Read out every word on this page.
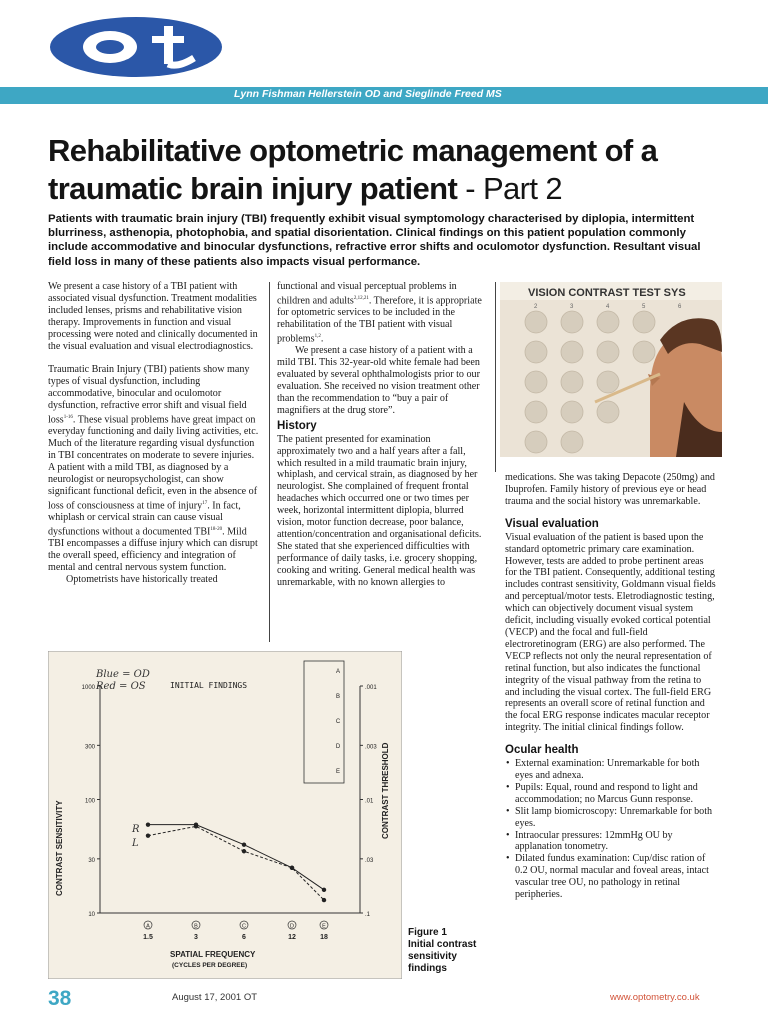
Lynn Fishman Hellerstein OD and Sieglinde Freed MS
Rehabilitative optometric management of a traumatic brain injury patient - Part 2
Patients with traumatic brain injury (TBI) frequently exhibit visual symptomology characterised by diplopia, intermittent blurriness, asthenopia, photophobia, and spatial disorientation. Clinical findings on this patient population commonly include accommodative and binocular dysfunctions, refractive error shifts and oculomotor dysfunction. Resultant visual field loss in many of these patients also impacts visual performance.

We present a case history of a TBI patient with associated visual dysfunction. Treatment modalities included lenses, prisms and rehabilitative vision therapy. Improvements in function and visual processing were noted and clinically documented in the visual evaluation and visual electrodiagnostics.

Traumatic Brain Injury (TBI) patients show many types of visual dysfunction, including accommodative, binocular and oculomotor dysfunction, refractive error shift and visual field loss$^{1-16}$. These visual problems have great impact on everyday functioning and daily living activities, etc. Much of the literature regarding visual dysfunction in TBI concentrates on moderate to severe injuries. A patient with a mild TBI, as diagnosed by a neurologist or neuropsychologist, can show significant functional deficit, even in the absence of loss of consciousness at time of injury$^{17}$. In fact, whiplash or cervical strain can cause visual dysfunctions without a documented TBI$^{18-20}$. Mild TBI encompasses a diffuse injury which can disrupt the overall speed, efficiency and integration of mental and central nervous system function.

Optometrists have historically treated

functional and visual perceptual problems in children and adults$^{2,12,21}$. Therefore, it is appropriate for optometric services to be included in the rehabilitation of the TBI patient with visual problems$^{1,2}$.

We present a case history of a patient with a mild TBI. This 32-year-old white female had been evaluated by several ophthalmologists prior to our evaluation. She received no vision treatment other than the recommendation to “buy a pair of magnifiers at the drug store”.

History

The patient presented for examination approximately two and a half years after a fall, which resulted in a mild traumatic brain injury, whiplash, and cervical strain, as diagnosed by her neurologist. She complained of frequent frontal headaches which occurred one or two times per week, horizontal intermittent diplopia, blurred vision, motor function decrease, poor balance, attention/concentration and organisational deficits. She stated that she experienced difficulties with performance of daily tasks, i.e. grocery shopping, cooking and writing. General medical health was unremarkable, with no known allergies to

VISION CONTRAST TEST SYS
2	3	4	5	6

medications. She was taking Depacote (250mg) and Ibuprofen. Family history of previous eye or head trauma and the social history was unremarkable.

Visual evaluation

Visual evaluation of the patient is based upon the standard optometric primary care examination. However, tests are added to probe pertinent areas for the TBI patient. Consequently, additional testing includes contrast sensitivity, Goldmann visual fields and perceptual/motor tests. Eletrodiagnostic testing, which can objectively document visual system deficit, including visually evoked cortical potential (VECP) and the focal and full-field electroretinogram (ERG) are also performed. The VECP reflects not only the neural representation of retinal function, but also indicates the functional integrity of the visual pathway from the retina to and including the visual cortex. The full-field ERG represents an overall score of retinal function and the focal ERG response indicates macular receptor integrity. The initial clinical findings follow.

Ocular health
• External examination: Unremarkable for both eyes and adnexa.
• Pupils: Equal, round and respond to light and accommodation; no Marcus Gunn response.
• Slit lamp biomicroscopy: Unremarkable for both eyes.
• Intraocular pressures: 12mmHg OU by applanation tonometry.
• Dilated fundus examination: Cup/disc ration of 0.2 OU, normal macular and foveal areas, intact vascular tree OU, no pathology in retinal peripheries.
Blue = OD
Red = OS	INITIAL FINDINGS
CONTRAST SENSITIVITY
CONTRAST THRESHOLD
SPATIAL FREQUENCY
(CYCLES PER DEGREE)
1000
300
100
30
10
.001
.003
.01
.03
.1
1.5	3	6	12	18
A
B
C
D
E
A	B	C	D	E
R
L
Figure 1
Initial contrast sensitivity findings
38	August 17, 2001 OT	www.optometry.co.uk
